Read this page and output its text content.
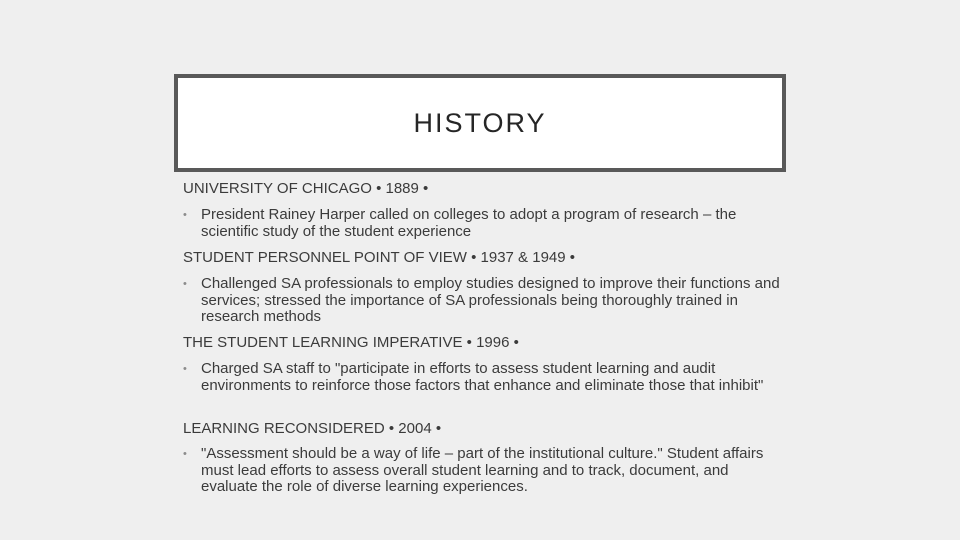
HISTORY
UNIVERSITY OF CHICAGO • 1889 •
• President Rainey Harper called on colleges to adopt a program of research – the scientific study of the student experience
STUDENT PERSONNEL POINT OF VIEW • 1937 & 1949 •
• Challenged SA professionals to employ studies designed to improve their functions and services; stressed the importance of SA professionals being thoroughly trained in research methods
THE STUDENT LEARNING IMPERATIVE • 1996 •
• Charged SA staff to "participate in efforts to assess student learning and audit environments to reinforce those factors that enhance and eliminate those that inhibit"
LEARNING RECONSIDERED • 2004 •
• "Assessment should be a way of life – part of the institutional culture." Student affairs must lead efforts to assess overall student learning and to track, document, and evaluate the role of diverse learning experiences.
